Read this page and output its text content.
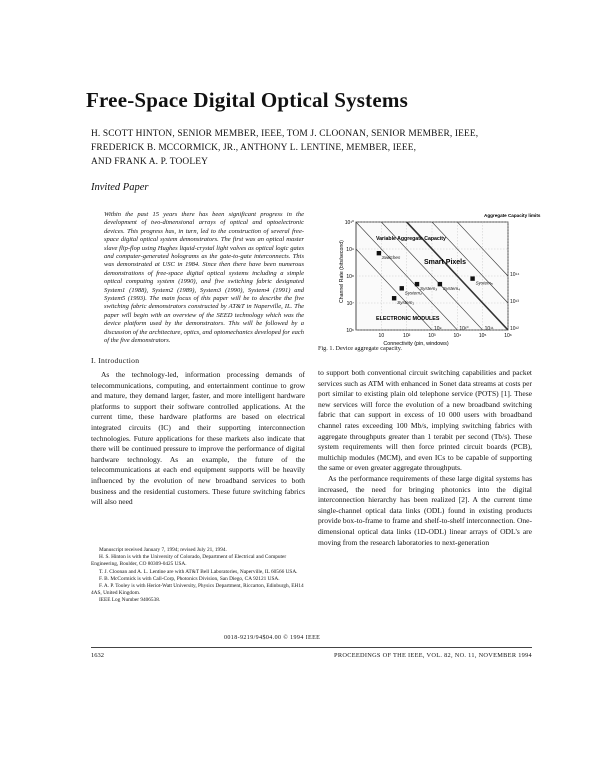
Free-Space Digital Optical Systems
H. SCOTT HINTON, SENIOR MEMBER, IEEE, TOM J. CLOONAN, SENIOR MEMBER, IEEE,
FREDERICK B. MCCORMICK, JR., ANTHONY L. LENTINE, MEMBER, IEEE,
AND FRANK A. P. TOOLEY
Invited Paper
Within the past 15 years there has been significant progress in the development of two-dimensional arrays of optical and optoelectronic devices. This progress has, in turn, led to the construction of several free-space digital optical system demonstrators. The first was an optical master slave flip-flop using Hughes liquid-crystal light valves as optical logic gates and computer-generated holograms as the gate-to-gate interconnects. This was demonstrated at USC in 1984. Since then there have been numerous demonstrations of free-space digital optical systems including a simple optical computing system (1990), and five switching fabric designated System1 (1988), System2 (1989), System3 (1990), System4 (1991) and System5 (1993). The main focus of this paper will be to describe the five switching fabric demonstrators constructed by AT&T in Naperville, IL. The paper will begin with an overview of the SEED technology which was the device platform used by the demonstrators. This will be followed by a discussion of the architecture, optics, and optomechanics developed for each of the five demonstrators.
10¹⁴
10¹³
10¹²
10¹¹
10¹⁰
10⁹
System₁
System₂
System₃ System₄
System₅
Switches
10	10²	10³	10⁴	10⁵	10⁶
10⁶
10⁷
10⁸
10⁹
10¹⁰
Channel Rate (bits/second)
Connectivity (pin, windows)
Variable Aggregate Capacity
Aggregate Capacity limits
Smart Pixels
ELECTRONIC MODULES
Fig. 1. Device aggregate capacity.
I. Introduction

As the technology-led, information processing demands of telecommunications, computing, and entertainment continue to grow and mature, they demand larger, faster, and more intelligent hardware platforms to support their software controlled applications. At the current time, these hardware platforms are based on electrical integrated circuits (IC) and their supporting interconnection technologies. Future applications for these markets also indicate that there will be continued pressure to improve the performance of digital hardware technology. As an example, the future of the telecommunications at each end equipment supports will be heavily influenced by the evolution of new broadband services to both business and the residential customers. These future switching fabrics will also need

Manuscript received January 7, 1994; revised July 21, 1994.

H. S. Hinton is with the University of Colorado, Department of Electrical and Computer Engineering, Boulder, CO 80309-0425 USA.

T. J. Cloonan and A. L. Lentine are with AT&T Bell Laboratories, Naperville, IL 60566 USA.

F. B. McCormick is with Call-Corp, Photonics Division, San Diego, CA 92121 USA.

F. A. P. Tooley is with Heriot-Watt University, Physics Department, Riccarton, Edinburgh, EH14 4AS, United Kingdom.

IEEE Log Number 9406538.

to support both conventional circuit switching capabilities and packet services such as ATM with enhanced in Sonet data streams at costs per port similar to existing plain old telephone service (POTS) [1]. These new services will force the evolution of a new broadband switching fabric that can support in excess of 10 000 users with broadband channel rates exceeding 100 Mb/s, implying switching fabrics with aggregate throughputs greater than 1 terabit per second (Tb/s). These system requirements will then force printed circuit boards (PCB), multichip modules (MCM), and even ICs to be capable of supporting the same or even greater aggregate throughputs.

As the performance requirements of these large digital systems has increased, the need for bringing photonics into the digital interconnection hierarchy has been realized [2]. A the current time single-channel optical data links (ODL) found in existing products provide box-to-frame to frame and shelf-to-shelf interconnection. One-dimensional optical data links (1D-ODL) linear arrays of ODL's are moving from the research laboratories to next-generation

0018-9219/94$04.00 © 1994 IEEE
1632	PROCEEDINGS OF THE IEEE, VOL. 82, NO. 11, NOVEMBER 1994
